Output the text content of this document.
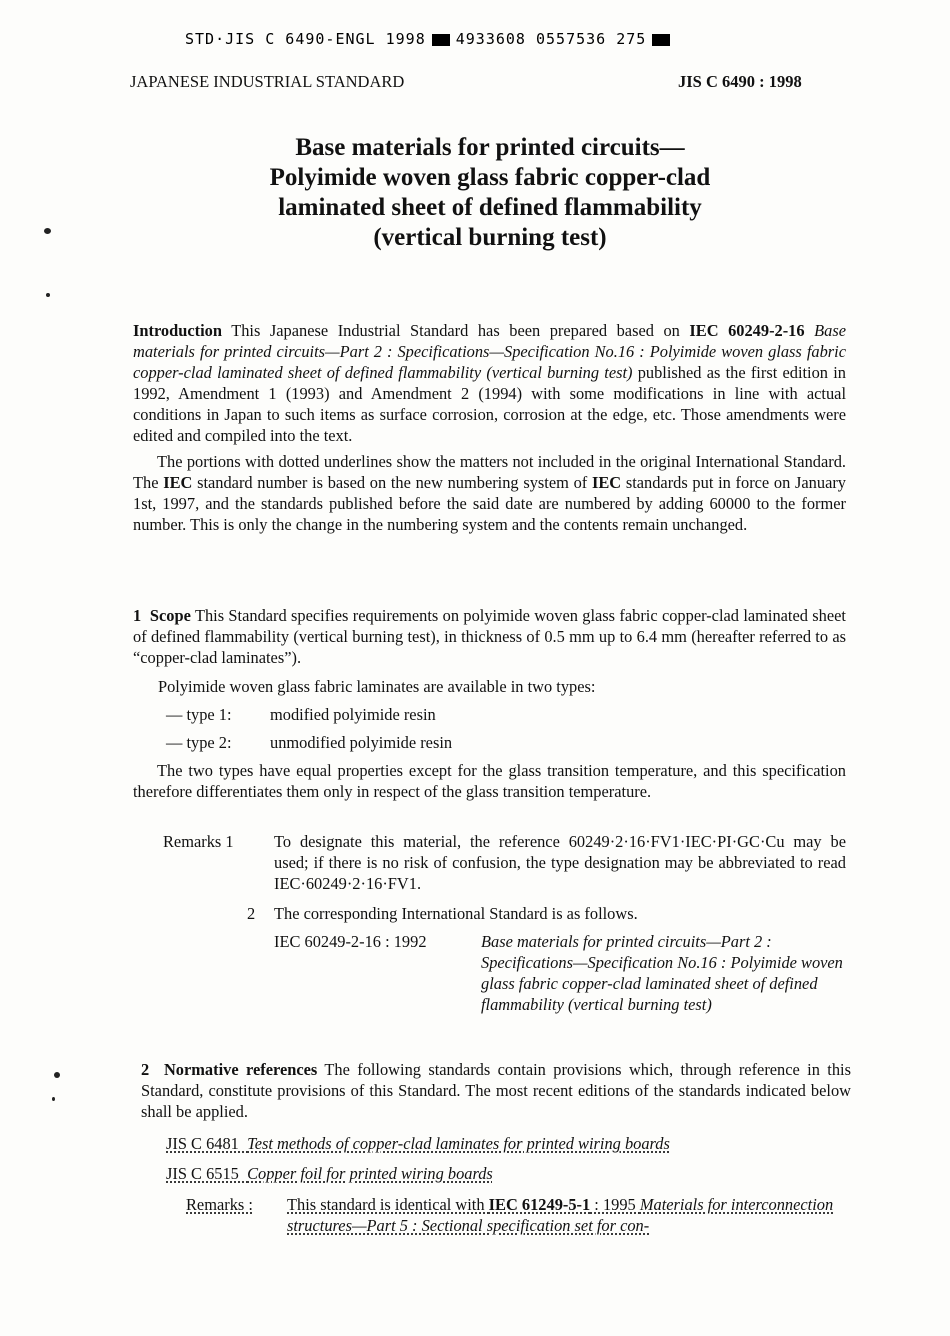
STD·JIS C 6490-ENGL 1998 4933608 0557536 275
JAPANESE INDUSTRIAL STANDARD	JIS C 6490 : 1998
Base materials for printed circuits—
Polyimide woven glass fabric copper-clad
laminated sheet of defined flammability
(vertical burning test)

Introduction This Japanese Industrial Standard has been prepared based on IEC 60249-2-16 Base materials for printed circuits—Part 2 : Specifications—Specification No.16 : Polyimide woven glass fabric copper-clad laminated sheet of defined flammability (vertical burning test) published as the first edition in 1992, Amendment 1 (1993) and Amendment 2 (1994) with some modifications in line with actual conditions in Japan to such items as surface corrosion, corrosion at the edge, etc. Those amendments were edited and compiled into the text.

The portions with dotted underlines show the matters not included in the original International Standard. The IEC standard number is based on the new numbering system of IEC standards put in force on January 1st, 1997, and the standards published before the said date are numbered by adding 60000 to the former number. This is only the change in the numbering system and the contents remain unchanged.

1 Scope This Standard specifies requirements on polyimide woven glass fabric copper-clad laminated sheet of defined flammability (vertical burning test), in thickness of 0.5 mm up to 6.4 mm (hereafter referred to as “copper-clad laminates”).

Polyimide woven glass fabric laminates are available in two types:
— type 1: modified polyimide resin
— type 2: unmodified polyimide resin

The two types have equal properties except for the glass transition temperature, and this specification therefore differentiates them only in respect of the glass transition temperature.

Remarks 1 To designate this material, the reference 60249·2·16·FV1·IEC·PI·GC·Cu may be used; if there is no risk of confusion, the type designation may be abbreviated to read IEC·60249·2·16·FV1.

2 The corresponding International Standard is as follows.
IEC 60249-2-16 : 1992	Base materials for printed circuits—Part 2 : Specifications—Specification No.16 : Polyimide woven glass fabric copper-clad laminated sheet of defined flammability (vertical burning test)

2 Normative references The following standards contain provisions which, through reference in this Standard, constitute provisions of this Standard. The most recent editions of the standards indicated below shall be applied.

JIS C 6481 Test methods of copper-clad laminates for printed wiring boards
JIS C 6515 Copper foil for printed wiring boards
Remarks : This standard is identical with IEC 61249-5-1 : 1995 Materials for interconnection structures—Part 5 : Sectional specification set for con-
